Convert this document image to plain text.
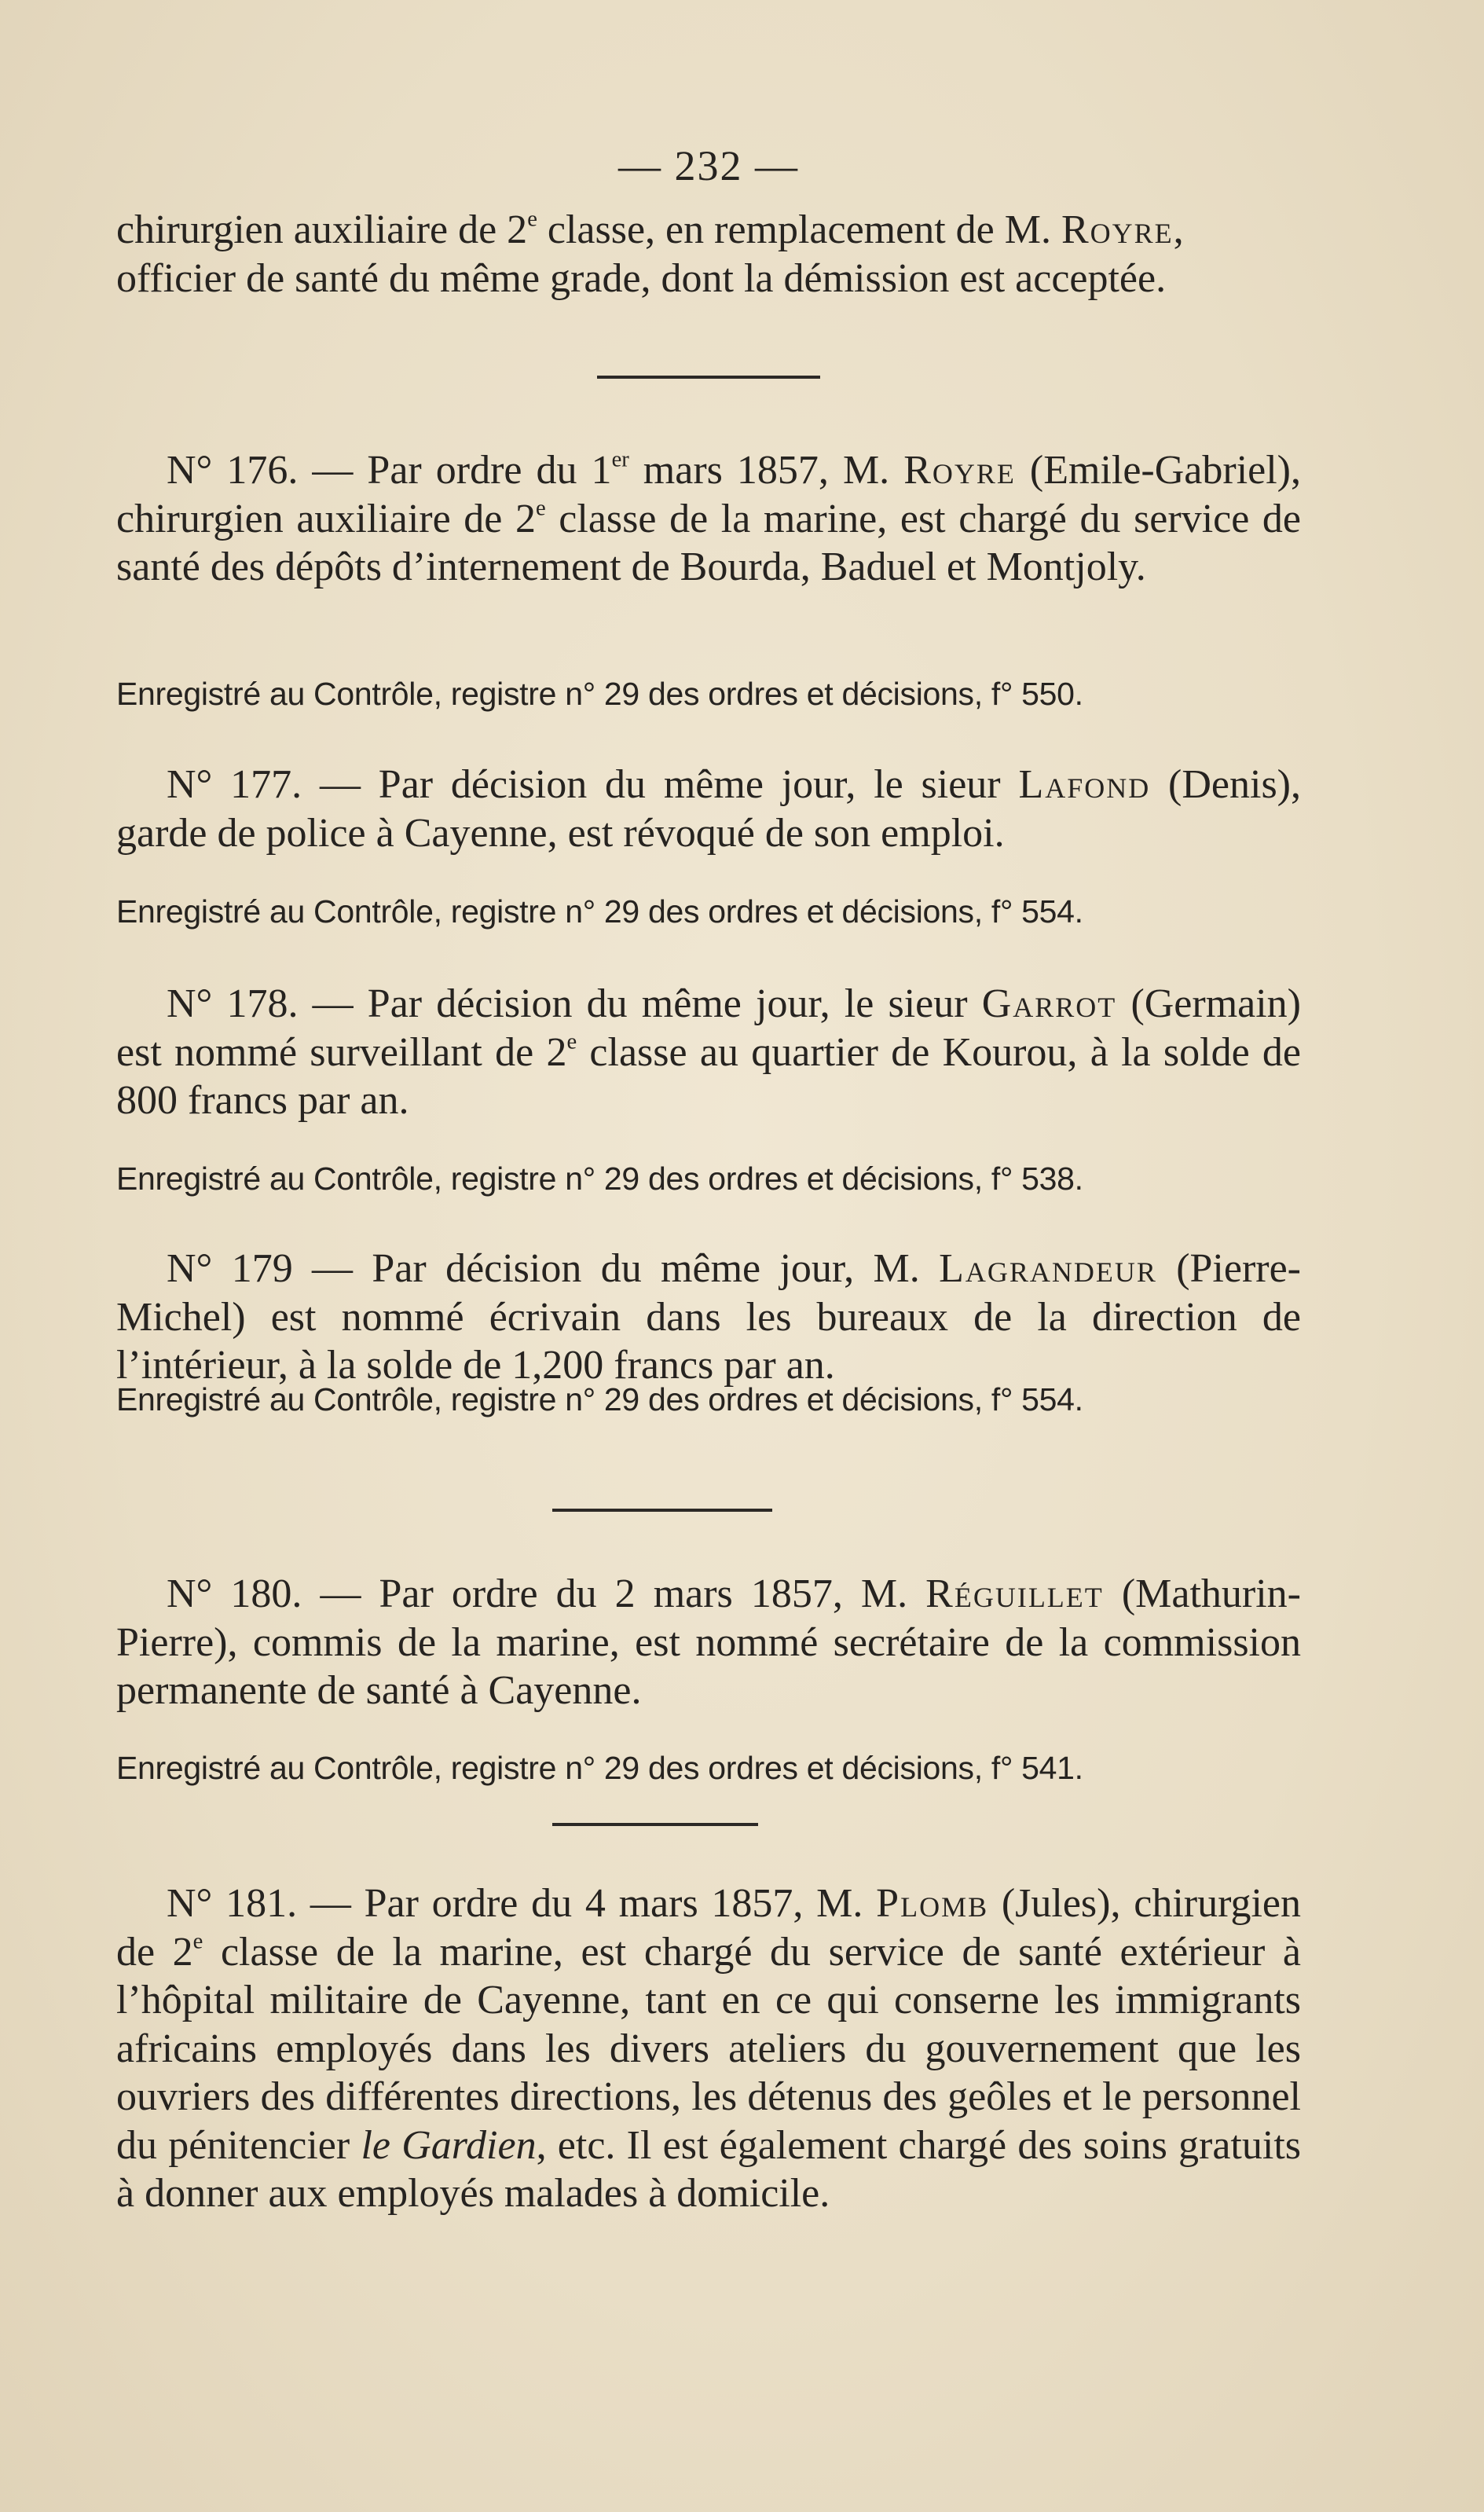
— 232 —

chirurgien auxiliaire de 2e classe, en remplacement de M. Royre,

officier de santé du même grade, dont la démission est acceptée.

N° 176. — Par ordre du 1er mars 1857, M. Royre (Emile-Gabriel), chirurgien auxiliaire de 2e classe de la marine, est chargé du service de santé des dépôts d’internement de Bourda, Baduel et Montjoly.

Enregistré au Contrôle, registre n° 29 des ordres et décisions, f° 550.

N° 177. — Par décision du même jour, le sieur Lafond (Denis), garde de police à Cayenne, est révoqué de son emploi.

Enregistré au Contrôle, registre n° 29 des ordres et décisions, f° 554.

N° 178. — Par décision du même jour, le sieur Garrot (Germain) est nommé surveillant de 2e classe au quartier de Kourou, à la solde de 800 francs par an.

Enregistré au Contrôle, registre n° 29 des ordres et décisions, f° 538.

N° 179 — Par décision du même jour, M. Lagrandeur (Pierre-Michel) est nommé écrivain dans les bureaux de la direction de l’intérieur, à la solde de 1,200 francs par an.

Enregistré au Contrôle, registre n° 29 des ordres et décisions, f° 554.

N° 180. — Par ordre du 2 mars 1857, M. Réguillet (Mathurin-Pierre), commis de la marine, est nommé secrétaire de la commission permanente de santé à Cayenne.

Enregistré au Contrôle, registre n° 29 des ordres et décisions, f° 541.

N° 181. — Par ordre du 4 mars 1857, M. Plomb (Jules), chirurgien de 2e classe de la marine, est chargé du service de santé extérieur à l’hôpital militaire de Cayenne, tant en ce qui conserne les immigrants africains employés dans les divers ateliers du gouvernement que les ouvriers des différentes directions, les détenus des geôles et le personnel du pénitencier le Gardien, etc. Il est également chargé des soins gratuits à donner aux employés malades à domicile.
